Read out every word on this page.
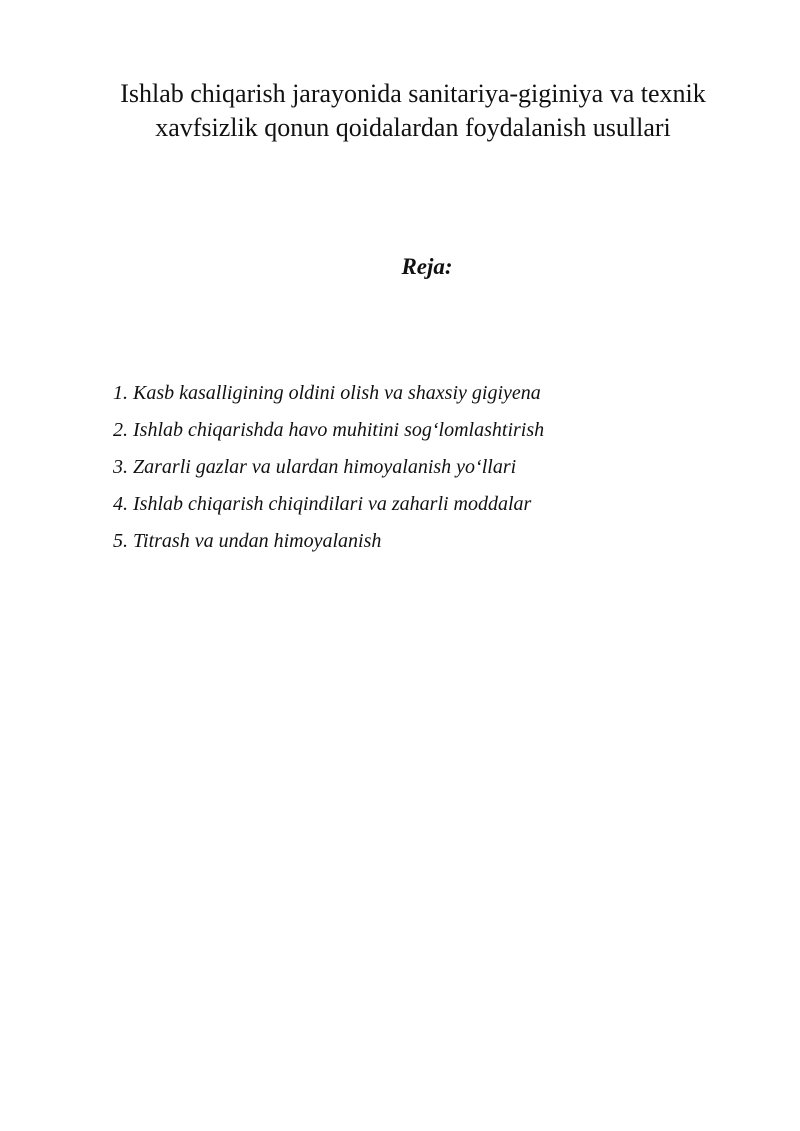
Ishlab chiqarish jarayonida sanitariya-giginiya va texnik xavfsizlik qonun qoidalardan foydalanish usullari
Reja:
1. Kasb kasalligining oldini olish va shaxsiy gigiyena
2. Ishlab chiqarishda havo muhitini sog‘lomlashtirish
3. Zararli gazlar va ulardan himoyalanish yo‘llari
4. Ishlab chiqarish chiqindilari va zaharli moddalar
5. Titrash va undan himoyalanish
